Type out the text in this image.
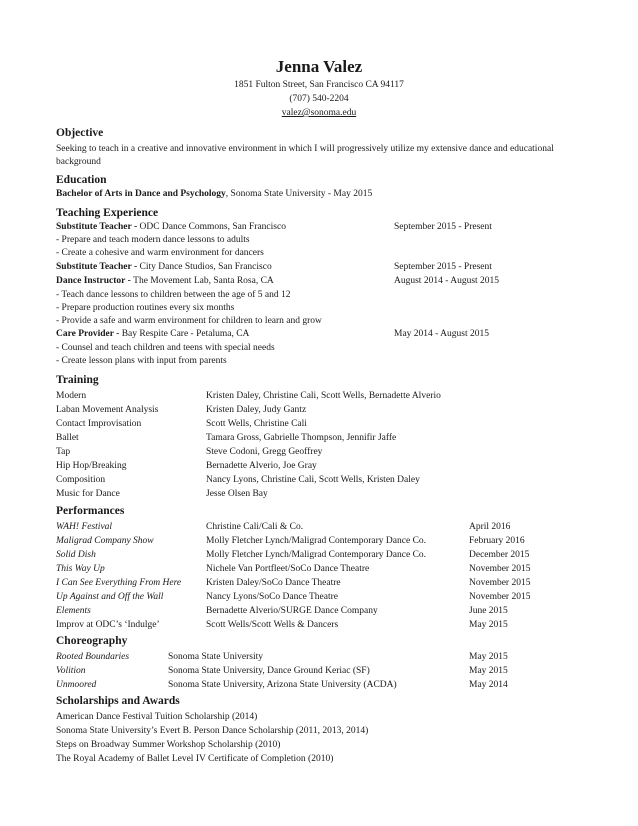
Jenna Valez
1851 Fulton Street, San Francisco CA 94117
(707) 540-2204
valez@sonoma.edu
Objective
Seeking to teach in a creative and innovative environment in which I will progressively utilize my extensive dance and educational background
Education
Bachelor of Arts in Dance and Psychology, Sonoma State University - May 2015
Teaching Experience
Substitute Teacher - ODC Dance Commons, San Francisco	September 2015 - Present
- Prepare and teach modern dance lessons to adults
- Create a cohesive and warm environment for dancers
Substitute Teacher - City Dance Studios, San Francisco	September 2015 - Present
Dance Instructor - The Movement Lab, Santa Rosa, CA	August 2014 - August 2015
- Teach dance lessons to children between the age of 5 and 12
- Prepare production routines every six months
- Provide a safe and warm environment for children to learn and grow
Care Provider - Bay Respite Care - Petaluma, CA	May 2014 - August 2015
- Counsel and teach children and teens with special needs
- Create lesson plans with input from parents
Training
Modern	Kristen Daley, Christine Cali, Scott Wells, Bernadette Alverio
Laban Movement Analysis	Kristen Daley, Judy Gantz
Contact Improvisation	Scott Wells, Christine Cali
Ballet	Tamara Gross, Gabrielle Thompson, Jennifir Jaffe
Tap	Steve Codoni, Gregg Geoffrey
Hip Hop/Breaking	Bernadette Alverio, Joe Gray
Composition	Nancy Lyons, Christine Cali, Scott Wells, Kristen Daley
Music for Dance	Jesse Olsen Bay
Performances
WAH! Festival	Christine Cali/Cali & Co.	April 2016
Maligrad Company Show	Molly Fletcher Lynch/Maligrad Contemporary Dance Co.	February 2016
Solid Dish	Molly Fletcher Lynch/Maligrad Contemporary Dance Co.	December 2015
This Way Up	Nichele Van Portfleet/SoCo Dance Theatre	November 2015
I Can See Everything From Here	Kristen Daley/SoCo Dance Theatre	November 2015
Up Against and Off the Wall	Nancy Lyons/SoCo Dance Theatre	November 2015
Elements	Bernadette Alverio/SURGE Dance Company	June 2015
Improv at ODC’s ‘Indulge’	Scott Wells/Scott Wells & Dancers	May 2015
Choreography
Rooted Boundaries	Sonoma State University	May 2015
Volition	Sonoma State University, Dance Ground Keriac (SF)	May 2015
Unmoored	Sonoma State University, Arizona State University (ACDA)	May 2014
Scholarships and Awards
American Dance Festival Tuition Scholarship (2014)
Sonoma State University’s Evert B. Person Dance Scholarship (2011, 2013, 2014)
Steps on Broadway Summer Workshop Scholarship (2010)
The Royal Academy of Ballet Level IV Certificate of Completion (2010)
